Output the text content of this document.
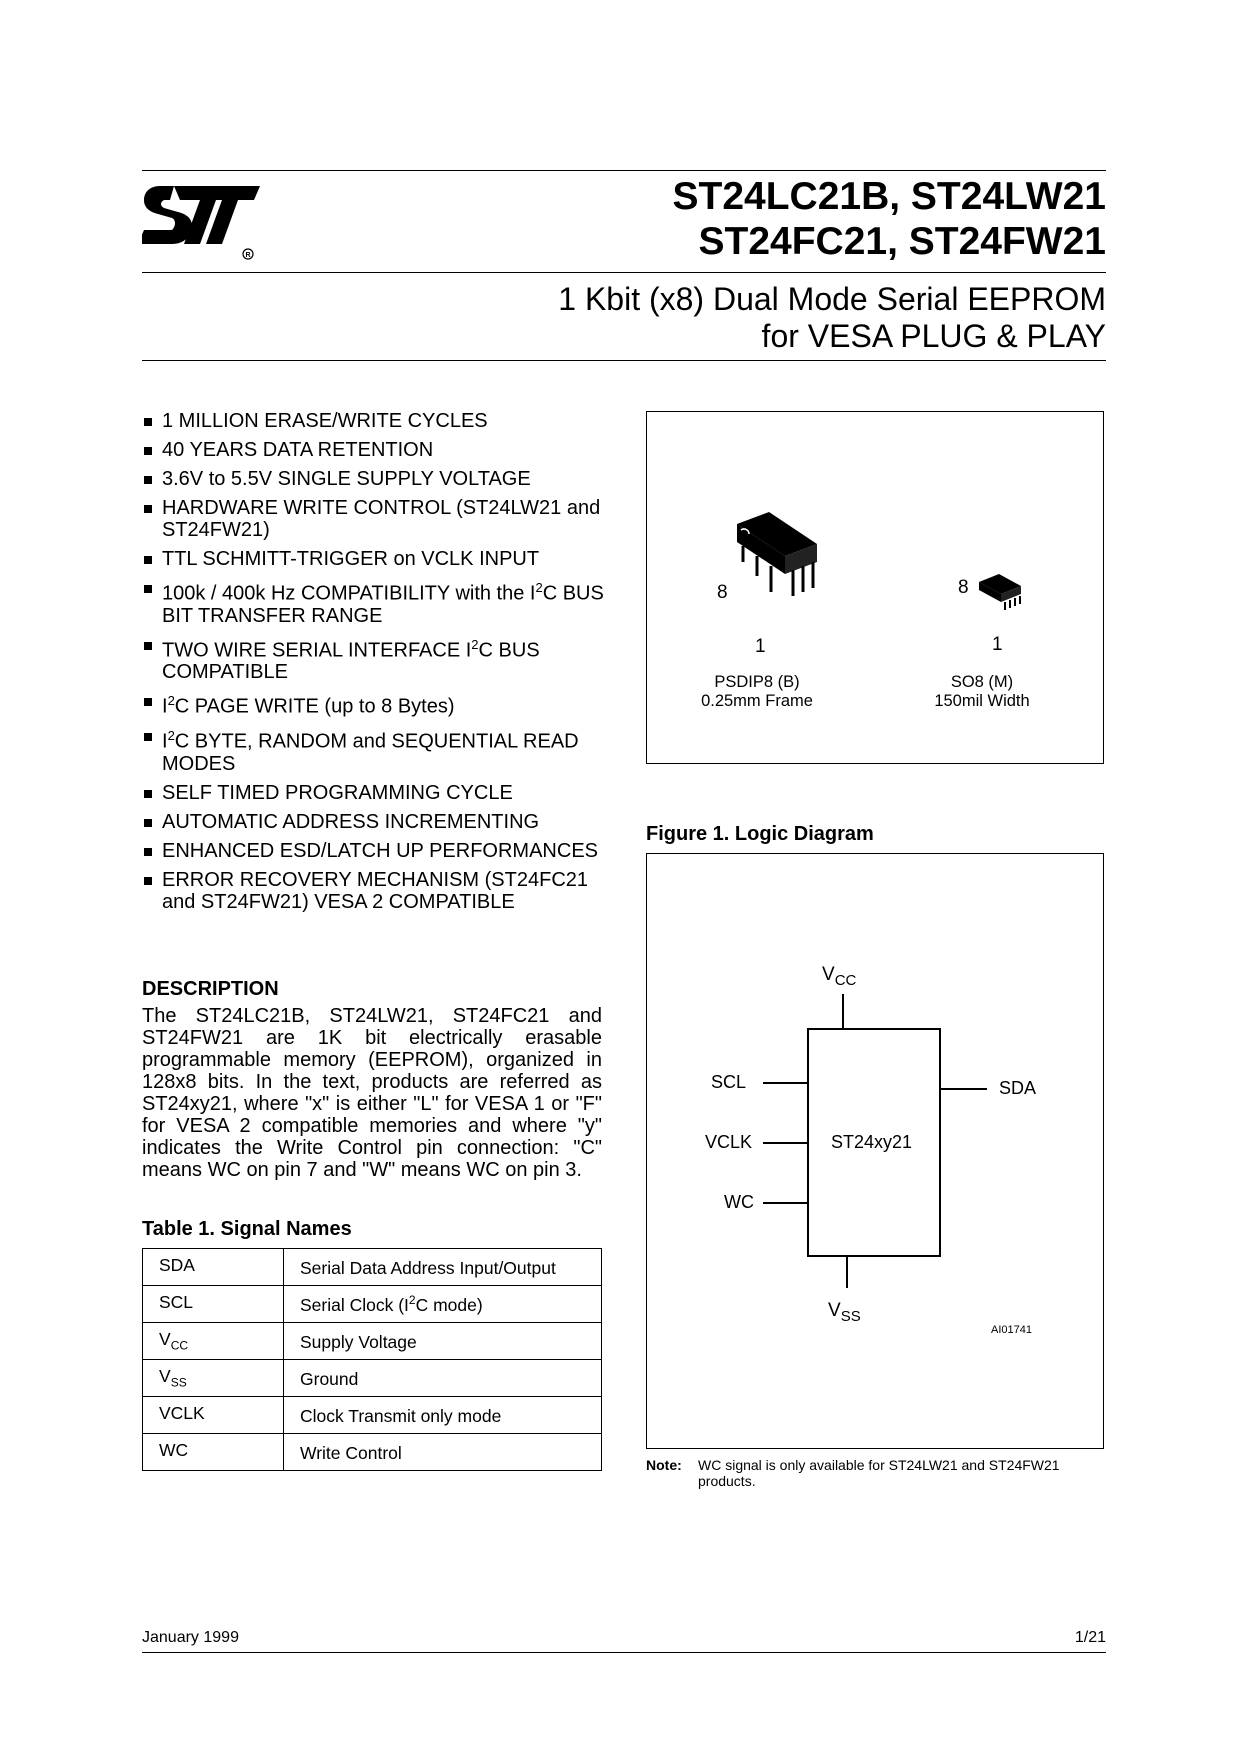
R
ST24LC21B, ST24LW21
ST24FC21, ST24FW21
1 Kbit (x8) Dual Mode Serial EEPROM
for VESA PLUG & PLAY
1 MILLION ERASE/WRITE CYCLES
40 YEARS DATA RETENTION
3.6V to 5.5V SINGLE SUPPLY VOLTAGE
HARDWARE WRITE CONTROL (ST24LW21 and ST24FW21)
TTL SCHMITT-TRIGGER on VCLK INPUT
100k / 400k Hz COMPATIBILITY with the $I^2C$ BUS BIT TRANSFER RANGE
TWO WIRE SERIAL INTERFACE $I^2C$ BUS COMPATIBLE
$I^2C$ PAGE WRITE (up to 8 Bytes)
$I^2C$ BYTE, RANDOM and SEQUENTIAL READ MODES
SELF TIMED PROGRAMMING CYCLE
AUTOMATIC ADDRESS INCREMENTING
ENHANCED ESD/LATCH UP PERFORMANCES
ERROR RECOVERY MECHANISM (ST24FC21 and ST24FW21) VESA 2 COMPATIBLE
DESCRIPTION

The ST24LC21B, ST24LW21, ST24FC21 and ST24FW21 are 1K bit electrically erasable programmable memory (EEPROM), organized in 128x8 bits. In the text, products are referred as ST24xy21, where "x" is either "L" for VESA 1 or "F" for VESA 2 compatible memories and where "y" indicates the Write Control pin connection: "C" means WC on pin 7 and "W" means WC on pin 3.

Table 1. Signal Names
SDA	Serial Data Address Input/Output
SCL	Serial Clock ($I^2C$ mode)
$V_{CC}$	Supply Voltage
$V_{SS}$	Ground
VCLK	Clock Transmit only mode
WC	Write Control
8
1
8
1
PSDIP8 (B)
0.25mm Frame
SO8 (M)
150mil Width
Figure 1. Logic Diagram
$V_{CC}$
$V_{SS}$
SCL
VCLK
WC
SDA
ST24xy21
AI01741
Note: WC signal is only available for ST24LW21 and ST24FW21 products.
January 1999	1/21
